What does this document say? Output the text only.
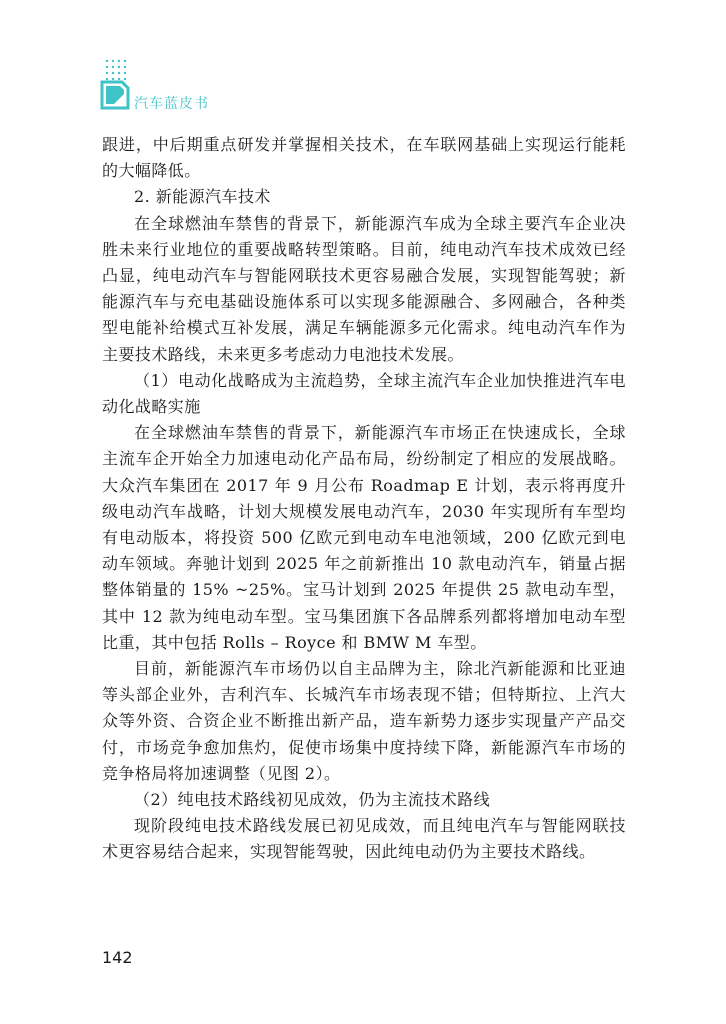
汽车蓝皮书

跟进，中后期重点研发并掌握相关技术，在车联网基础上实现运行能耗的大幅降低。

2. 新能源汽车技术

在全球燃油车禁售的背景下，新能源汽车成为全球主要汽车企业决胜未来行业地位的重要战略转型策略。目前，纯电动汽车技术成效已经凸显，纯电动汽车与智能网联技术更容易融合发展，实现智能驾驶；新能源汽车与充电基础设施体系可以实现多能源融合、多网融合，各种类型电能补给模式互补发展，满足车辆能源多元化需求。纯电动汽车作为主要技术路线，未来更多考虑动力电池技术发展。

（1）电动化战略成为主流趋势，全球主流汽车企业加快推进汽车电动化战略实施

在全球燃油车禁售的背景下，新能源汽车市场正在快速成长，全球主流车企开始全力加速电动化产品布局，纷纷制定了相应的发展战略。大众汽车集团在 2017 年 9 月公布 Roadmap E 计划，表示将再度升级电动汽车战略，计划大规模发展电动汽车，2030 年实现所有车型均有电动版本，将投资 500 亿欧元到电动车电池领域，200 亿欧元到电动车领域。奔驰计划到 2025 年之前新推出 10 款电动汽车，销量占据整体销量的 15% ~25%。宝马计划到 2025 年提供 25 款电动车型，其中 12 款为纯电动车型。宝马集团旗下各品牌系列都将增加电动车型比重，其中包括 Rolls – Royce 和 BMW M 车型。

目前，新能源汽车市场仍以自主品牌为主，除北汽新能源和比亚迪等头部企业外，吉利汽车、长城汽车市场表现不错；但特斯拉、上汽大众等外资、合资企业不断推出新产品，造车新势力逐步实现量产产品交付，市场竞争愈加焦灼，促使市场集中度持续下降，新能源汽车市场的竞争格局将加速调整（见图 2）。

（2）纯电技术路线初见成效，仍为主流技术路线

现阶段纯电技术路线发展已初见成效，而且纯电汽车与智能网联技术更容易结合起来，实现智能驾驶，因此纯电动仍为主要技术路线。

142
